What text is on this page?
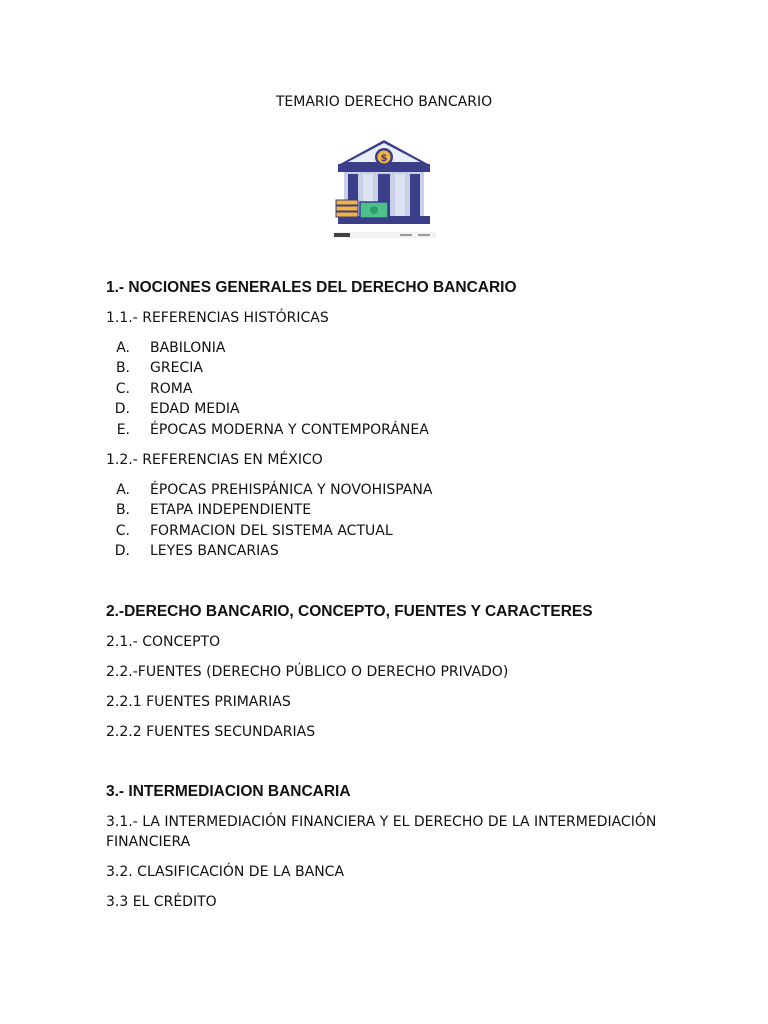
TEMARIO DERECHO BANCARIO
$
1.- NOCIONES GENERALES DEL DERECHO BANCARIO
1.1.- REFERENCIAS HISTÓRICAS
A. BABILONIA
B. GRECIA
C. ROMA
D. EDAD MEDIA
E. ÉPOCAS MODERNA Y CONTEMPORÁNEA
1.2.- REFERENCIAS EN MÉXICO
A. ÉPOCAS PREHISPÁNICA Y NOVOHISPANA
B. ETAPA INDEPENDIENTE
C. FORMACION DEL SISTEMA ACTUAL
D. LEYES BANCARIAS
2.-DERECHO BANCARIO, CONCEPTO, FUENTES Y CARACTERES
2.1.- CONCEPTO
2.2.-FUENTES (DERECHO PÚBLICO O DERECHO PRIVADO)
2.2.1 FUENTES PRIMARIAS
2.2.2 FUENTES SECUNDARIAS
3.- INTERMEDIACION BANCARIA
3.1.- LA INTERMEDIACIÓN FINANCIERA Y EL DERECHO DE LA INTERMEDIACIÓN FINANCIERA
3.2. CLASIFICACIÓN DE LA BANCA
3.3 EL CRÉDITO
